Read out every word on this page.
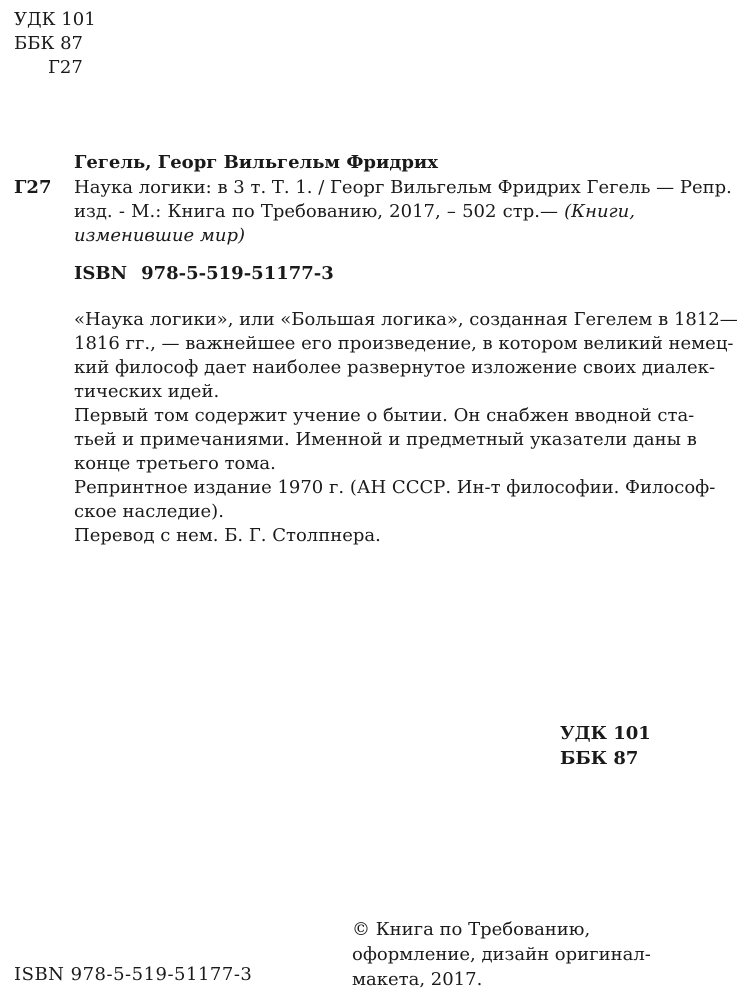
УДК 101
ББК 87
Г27
Гегель, Георг Вильгельм Фридрих
Г27 Наука логики: в 3 т. Т. 1. / Георг Вильгельм Фридрих Гегель — Репр.
изд. - М.: Книга по Требованию, 2017, – 502 стр.— (Книги,
изменившие мир)
ISBN 978-5-519-51177-3
«Наука логики», или «Большая логика», созданная Гегелем в 1812—
1816 гг., — важнейшее его произведение, в котором великий немец-
кий философ дает наиболее развернутое изложение своих диалек-
тических идей.
Первый том содержит учение о бытии. Он снабжен вводной ста-
тьей и примечаниями. Именной и предметный указатели даны в
конце третьего тома.
Репринтное издание 1970 г. (АН СССР. Ин-т философии. Философ-
ское наследие).
Перевод с нем. Б. Г. Столпнера.
УДК 101
ББК 87
© Книга по Требованию,
оформление, дизайн оригинал-
макета, 2017.
ISBN 978-5-519-51177-3
